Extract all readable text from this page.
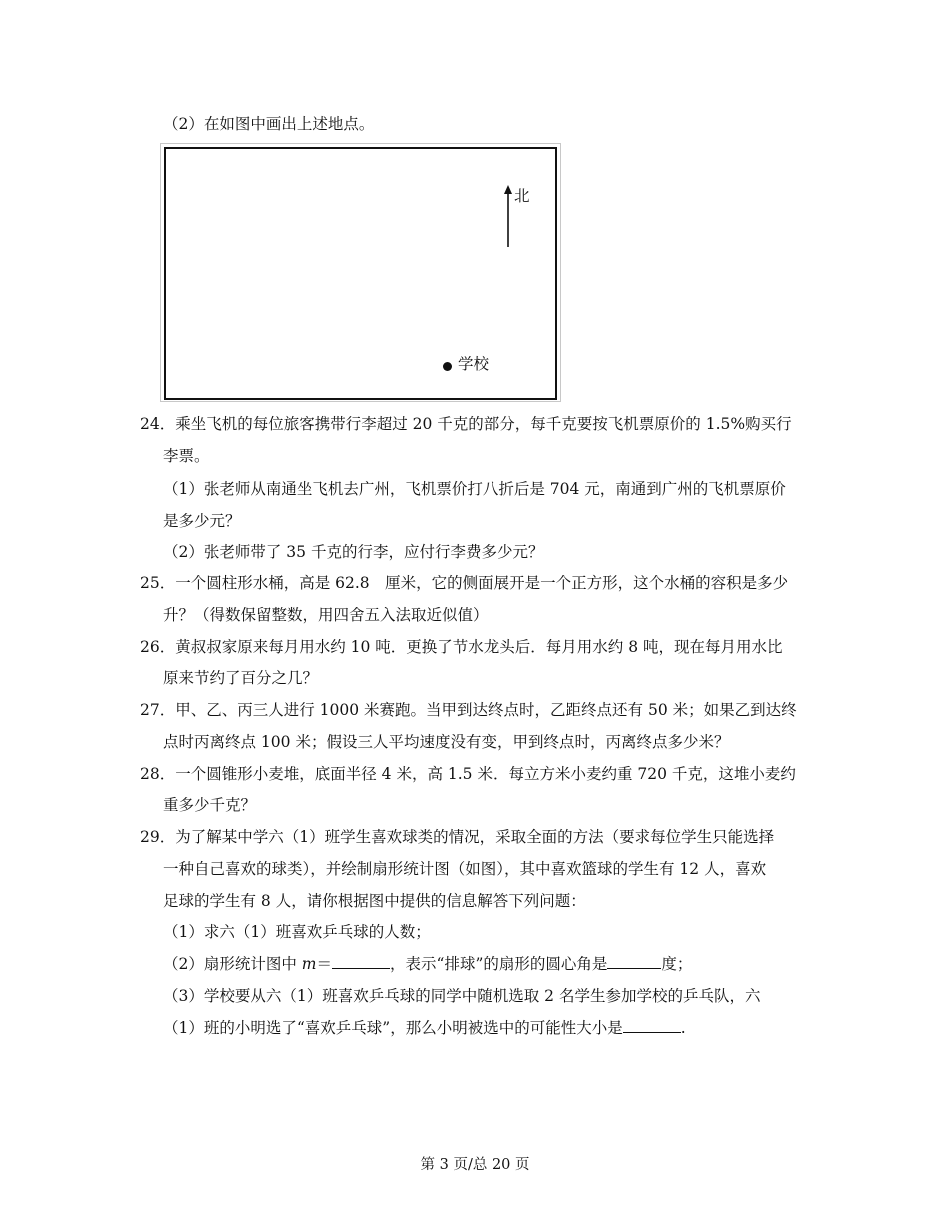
（2）在如图中画出上述地点。
北
学校
24．乘坐飞机的每位旅客携带行李超过 20 千克的部分，每千克要按飞机票原价的 1.5%购买行
李票。
（1）张老师从南通坐飞机去广州，飞机票价打八折后是 704 元，南通到广州的飞机票原价
是多少元？
（2）张老师带了 35 千克的行李，应付行李费多少元？
25．一个圆柱形水桶，高是 62.8　厘米，它的侧面展开是一个正方形，这个水桶的容积是多少
升？（得数保留整数，用四舍五入法取近似值）
26．黄叔叔家原来每月用水约 10 吨．更换了节水龙头后．每月用水约 8 吨，现在每月用水比
原来节约了百分之几？
27．甲、乙、丙三人进行 1000 米赛跑。当甲到达终点时，乙距终点还有 50 米；如果乙到达终
点时丙离终点 100 米；假设三人平均速度没有变，甲到终点时，丙离终点多少米？
28．一个圆锥形小麦堆，底面半径 4 米，高 1.5 米．每立方米小麦约重 720 千克，这堆小麦约
重多少千克？
29．为了解某中学六（1）班学生喜欢球类的情况，采取全面的方法（要求每位学生只能选择
一种自己喜欢的球类），并绘制扇形统计图（如图），其中喜欢篮球的学生有 12 人，喜欢
足球的学生有 8 人，请你根据图中提供的信息解答下列问题：
（1）求六（1）班喜欢乒乓球的人数；
（2）扇形统计图中 m＝	，表示“排球”的扇形的圆心角是	度；
（3）学校要从六（1）班喜欢乒乓球的同学中随机选取 2 名学生参加学校的乒乓队，六
（1）班的小明选了“喜欢乒乓球”，那么小明被选中的可能性大小是	.
第 3 页/总 20 页
